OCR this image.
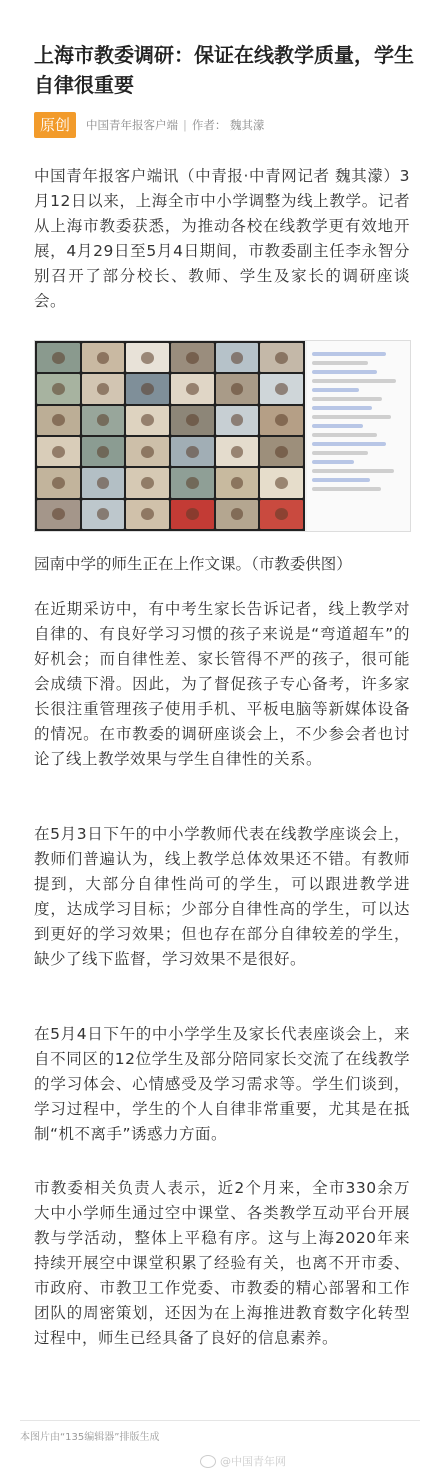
上海市教委调研：保证在线教学质量，学生自律很重要
原创	中国青年报客户端 | 作者： 魏其濛

中国青年报客户端讯（中青报·中青网记者 魏其濛）3月12日以来，上海全市中小学调整为线上教学。记者从上海市教委获悉，为推动各校在线教学更有效地开展，4月29日至5月4日期间，市教委副主任李永智分别召开了部分校长、教师、学生及家长的调研座谈会。

园南中学的师生正在上作文课。（市教委供图）

在近期采访中，有中考生家长告诉记者，线上教学对自律的、有良好学习习惯的孩子来说是“弯道超车”的好机会；而自律性差、家长管得不严的孩子，很可能会成绩下滑。因此，为了督促孩子专心备考，许多家长很注重管理孩子使用手机、平板电脑等新媒体设备的情况。在市教委的调研座谈会上，不少参会者也讨论了线上教学效果与学生自律性的关系。

在5月3日下午的中小学教师代表在线教学座谈会上，教师们普遍认为，线上教学总体效果还不错。有教师提到，大部分自律性尚可的学生，可以跟进教学进度，达成学习目标；少部分自律性高的学生，可以达到更好的学习效果；但也存在部分自律较差的学生，缺少了线下监督，学习效果不是很好。

在5月4日下午的中小学学生及家长代表座谈会上，来自不同区的12位学生及部分陪同家长交流了在线教学的学习体会、心情感受及学习需求等。学生们谈到，学习过程中，学生的个人自律非常重要，尤其是在抵制“机不离手”诱惑力方面。

市教委相关负责人表示，近2个月来，全市330余万大中小学师生通过空中课堂、各类教学互动平台开展教与学活动，整体上平稳有序。这与上海2020年来持续开展空中课堂积累了经验有关，也离不开市委、市政府、市教卫工作党委、市教委的精心部署和工作团队的周密策划，还因为在上海推进教育数字化转型过程中，师生已经具备了良好的信息素养。

本图片由“135编辑器”排版生成
@中国青年网
